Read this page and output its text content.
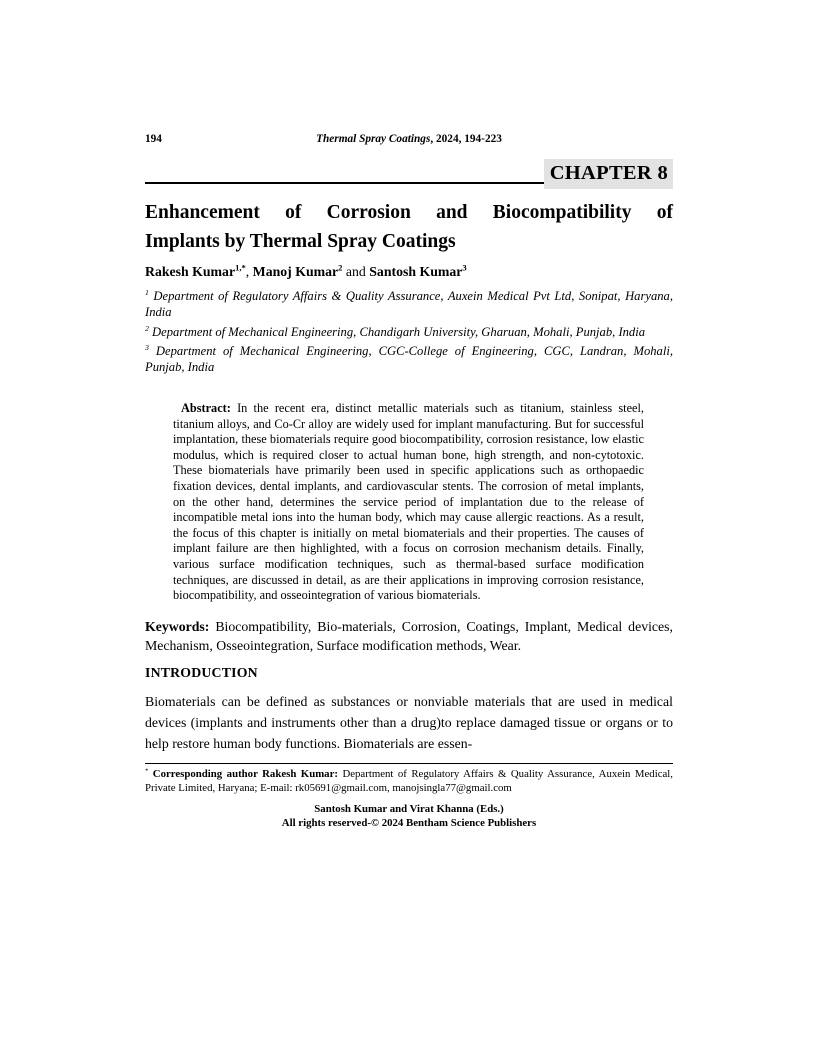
194	Thermal Spray Coatings, 2024, 194-223
CHAPTER 8
Enhancement of Corrosion and Biocompatibility of
Implants by Thermal Spray Coatings

Rakesh Kumar$^{1,*}$, Manoj Kumar$^2$ and Santosh Kumar$^3$

$^1$ Department of Regulatory Affairs & Quality Assurance, Auxein Medical Pvt Ltd, Sonipat, Haryana, India

$^2$ Department of Mechanical Engineering, Chandigarh University, Gharuan, Mohali, Punjab, India

$^3$ Department of Mechanical Engineering, CGC-College of Engineering, CGC, Landran, Mohali, Punjab, India

Abstract: In the recent era, distinct metallic materials such as titanium, stainless steel, titanium alloys, and Co-Cr alloy are widely used for implant manufacturing. But for successful implantation, these biomaterials require good biocompatibility, corrosion resistance, low elastic modulus, which is required closer to actual human bone, high strength, and non-cytotoxic. These biomaterials have primarily been used in specific applications such as orthopaedic fixation devices, dental implants, and cardiovascular stents. The corrosion of metal implants, on the other hand, determines the service period of implantation due to the release of incompatible metal ions into the human body, which may cause allergic reactions. As a result, the focus of this chapter is initially on metal biomaterials and their properties. The causes of implant failure are then highlighted, with a focus on corrosion mechanism details. Finally, various surface modification techniques, such as thermal-based surface modification techniques, are discussed in detail, as are their applications in improving corrosion resistance, biocompatibility, and osseointegration of various biomaterials.

Keywords: Biocompatibility, Bio-materials, Corrosion, Coatings, Implant, Medical devices, Mechanism, Osseointegration, Surface modification methods, Wear.

INTRODUCTION

Biomaterials can be defined as substances or nonviable materials that are used in medical devices (implants and instruments other than a drug)to replace damaged tissue or organs or to help restore human body functions. Biomaterials are essen-

* Corresponding author Rakesh Kumar: Department of Regulatory Affairs & Quality Assurance, Auxein Medical, Private Limited, Haryana; E-mail: rk05691@gmail.com, manojsingla77@gmail.com
Santosh Kumar and Virat Khanna (Eds.)
All rights reserved-© 2024 Bentham Science Publishers
